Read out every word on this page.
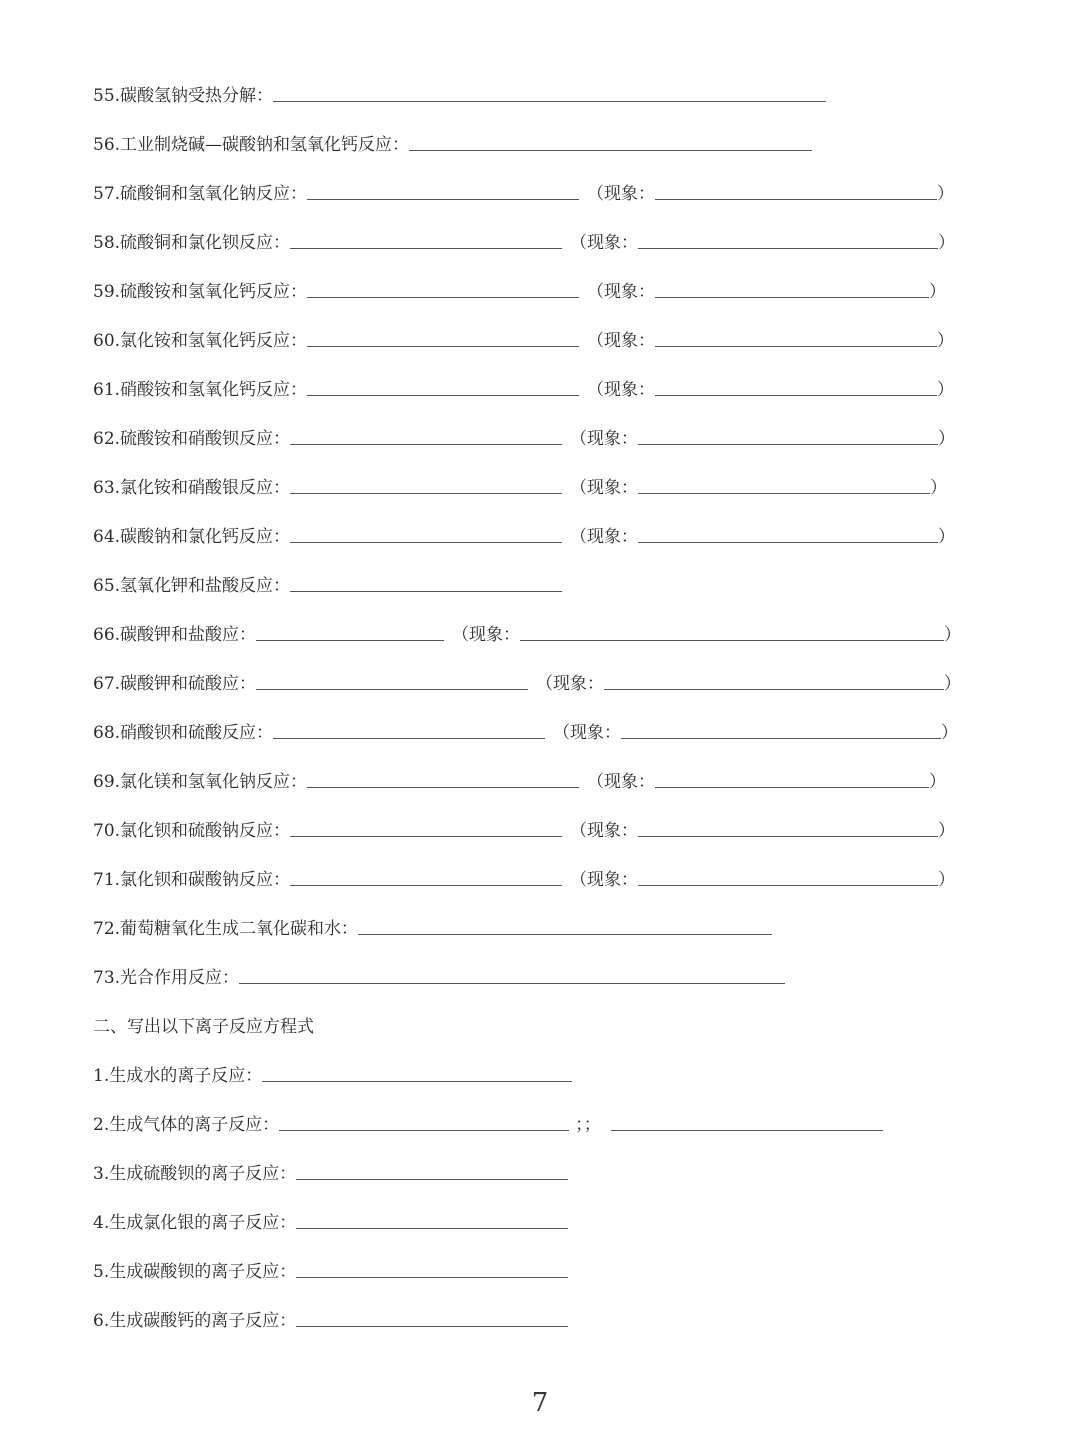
55.碳酸氢钠受热分解：
56.工业制烧碱—碳酸钠和氢氧化钙反应：
57.硫酸铜和氢氧化钠反应：	（现象：	）
58.硫酸铜和氯化钡反应：	（现象：	）
59.硫酸铵和氢氧化钙反应：	（现象：	）
60.氯化铵和氢氧化钙反应：	（现象：	）
61.硝酸铵和氢氧化钙反应：	（现象：	）
62.硫酸铵和硝酸钡反应：	（现象：	）
63.氯化铵和硝酸银反应：	（现象：	）
64.碳酸钠和氯化钙反应：	（现象：	）
65.氢氧化钾和盐酸反应：
66.碳酸钾和盐酸应：	（现象：	）
67.碳酸钾和硫酸应：	（现象：	）
68.硝酸钡和硫酸反应：	（现象：	）
69.氯化镁和氢氧化钠反应：	（现象：	）
70.氯化钡和硫酸钠反应：	（现象：	）
71.氯化钡和碳酸钠反应：	（现象：	）
72.葡萄糖氧化生成二氧化碳和水：
73.光合作用反应：
二、写出以下离子反应方程式
1.生成水的离子反应：
2.生成气体的离子反应：	；；
3.生成硫酸钡的离子反应：
4.生成氯化银的离子反应：
5.生成碳酸钡的离子反应：
6.生成碳酸钙的离子反应：
7
